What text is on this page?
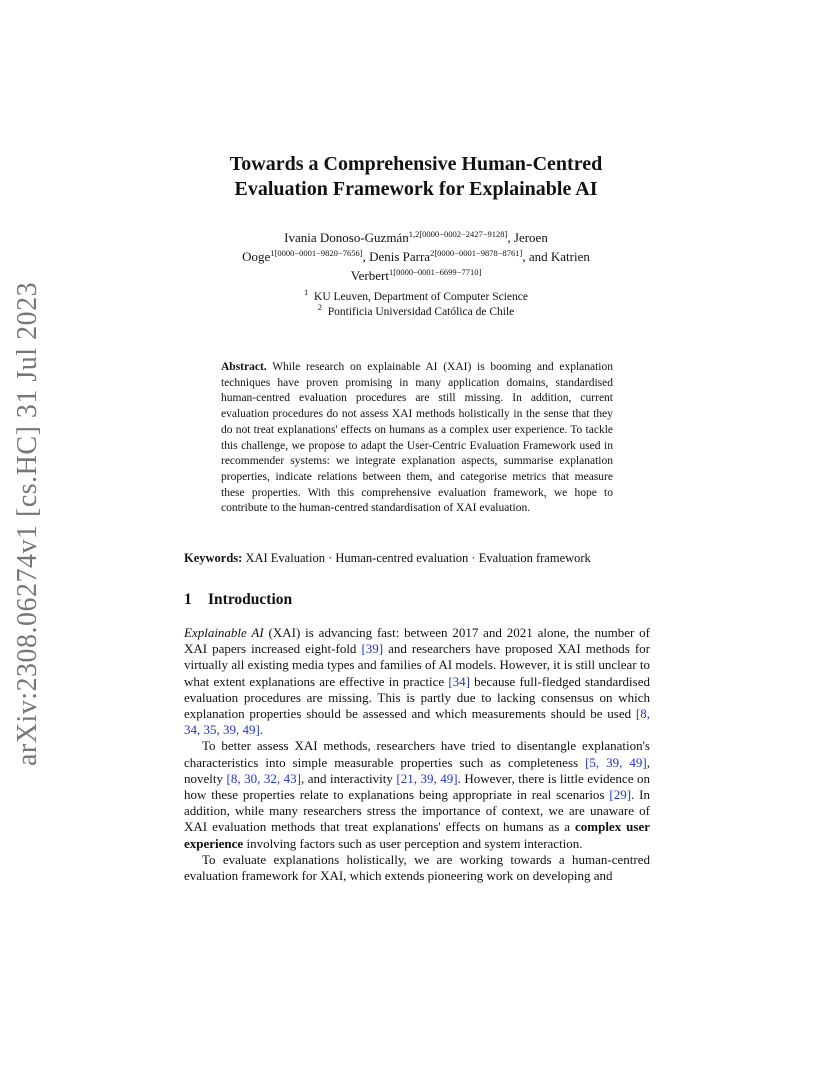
arXiv:2308.06274v1 [cs.HC] 31 Jul 2023
Towards a Comprehensive Human-Centred
Evaluation Framework for Explainable AI
Ivania Donoso-Guzmán$^{1,2[0000-0002-2427-9128]}$, Jeroen
Ooge$^{1[0000-0001-9820-7656]}$, Denis Parra$^{2[0000-0001-9878-8761]}$, and Katrien
Verbert$^{1[0000-0001-6699-7710]}$
$^1$ KU Leuven, Department of Computer Science
$^2$ Pontificia Universidad Católica de Chile
Abstract. While research on explainable AI (XAI) is booming and explanation techniques have proven promising in many application domains, standardised human-centred evaluation procedures are still missing. In addition, current evaluation procedures do not assess XAI methods holistically in the sense that they do not treat explanations' effects on humans as a complex user experience. To tackle this challenge, we propose to adapt the User-Centric Evaluation Framework used in recommender systems: we integrate explanation aspects, summarise explanation properties, indicate relations between them, and categorise metrics that measure these properties. With this comprehensive evaluation framework, we hope to contribute to the human-centred standardisation of XAI evaluation.
Keywords: XAI Evaluation · Human-centred evaluation · Evaluation framework
1 Introduction

Explainable AI (XAI) is advancing fast: between 2017 and 2021 alone, the number of XAI papers increased eight-fold [39] and researchers have proposed XAI methods for virtually all existing media types and families of AI models. However, it is still unclear to what extent explanations are effective in practice [34] because full-fledged standardised evaluation procedures are missing. This is partly due to lacking consensus on which explanation properties should be assessed and which measurements should be used [8, 34, 35, 39, 49].

To better assess XAI methods, researchers have tried to disentangle explanation's characteristics into simple measurable properties such as completeness [5, 39, 49], novelty [8, 30, 32, 43], and interactivity [21, 39, 49]. However, there is little evidence on how these properties relate to explanations being appropriate in real scenarios [29]. In addition, while many researchers stress the importance of context, we are unaware of XAI evaluation methods that treat explanations' effects on humans as a complex user experience involving factors such as user perception and system interaction.

To evaluate explanations holistically, we are working towards a human-centred evaluation framework for XAI, which extends pioneering work on developing and
